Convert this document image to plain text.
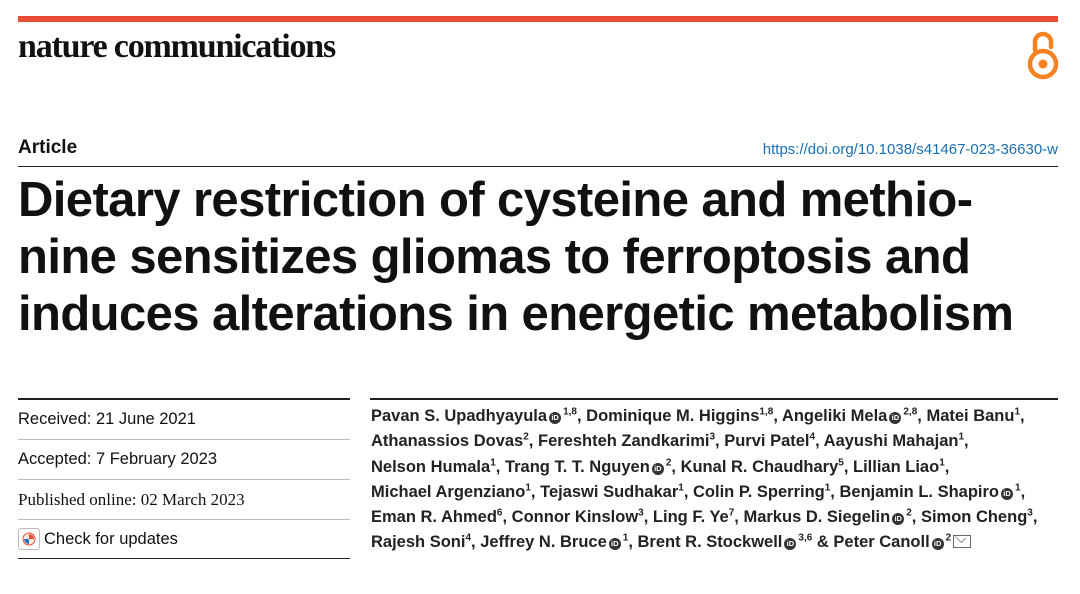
nature communications
Article	https://doi.org/10.1038/s41467-023-36630-w
Dietary restriction of cysteine and methio-
nine sensitizes gliomas to ferroptosis and
induces alterations in energetic metabolism
Received: 21 June 2021
Accepted: 7 February 2023
Published online: 02 March 2023
Check for updates
Pavan S. Upadhyayula iD $^{1,8}$, Dominique M. Higgins$^{1,8}$, Angeliki Mela iD $^{2,8}$, Matei Banu$^1$, Athanassios Dovas$^2$, Fereshteh Zandkarimi$^3$, Purvi Patel$^4$, Aayushi Mahajan$^1$, Nelson Humala$^1$, Trang T. T. Nguyen iD $^2$, Kunal R. Chaudhary$^5$, Lillian Liao$^1$, Michael Argenziano$^1$, Tejaswi Sudhakar$^1$, Colin P. Sperring$^1$, Benjamin L. Shapiro iD $^1$, Eman R. Ahmed$^6$, Connor Kinslow$^3$, Ling F. Ye$^7$, Markus D. Siegelin iD $^2$, Simon Cheng$^3$, Rajesh Soni$^4$, Jeffrey N. Bruce iD $^1$, Brent R. Stockwell iD $^{3,6}$ & Peter Canoll iD $^2$
